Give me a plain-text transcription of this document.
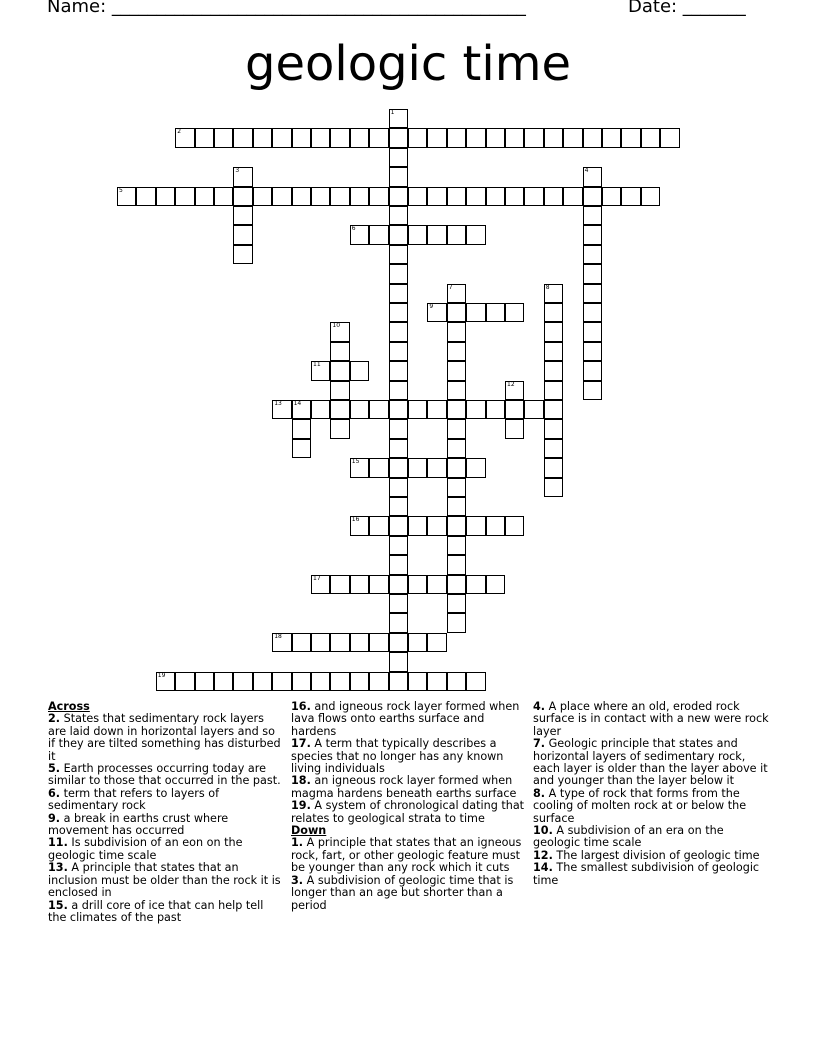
Name: ______________________________________________	Date: _______
geologic time
1
2
3	4
5
6
7	8
9
10
11
12
13 14
15
16
17
18
19
Across
2. States that sedimentary rock layers are laid down in horizontal layers and so if they are tilted something has disturbed it
5. Earth processes occurring today are similar to those that occurred in the past.
6. term that refers to layers of sedimentary rock
9. a break in earths crust where movement has occurred
11. Is subdivision of an eon on the geologic time scale
13. A principle that states that an inclusion must be older than the rock it is enclosed in
15. a drill core of ice that can help tell the climates of the past
16. and igneous rock layer formed when lava flows onto earths surface and hardens
17. A term that typically describes a species that no longer has any known living individuals
18. an igneous rock layer formed when magma hardens beneath earths surface
19. A system of chronological dating that relates to geological strata to time
Down
1. A principle that states that an igneous rock, fart, or other geologic feature must be younger than any rock which it cuts
3. A subdivision of geologic time that is longer than an age but shorter than a period
4. A place where an old, eroded rock surface is in contact with a new were rock layer
7. Geologic principle that states and horizontal layers of sedimentary rock, each layer is older than the layer above it and younger than the layer below it
8. A type of rock that forms from the cooling of molten rock at or below the surface
10. A subdivision of an era on the geologic time scale
12. The largest division of geologic time
14. The smallest subdivision of geologic time
